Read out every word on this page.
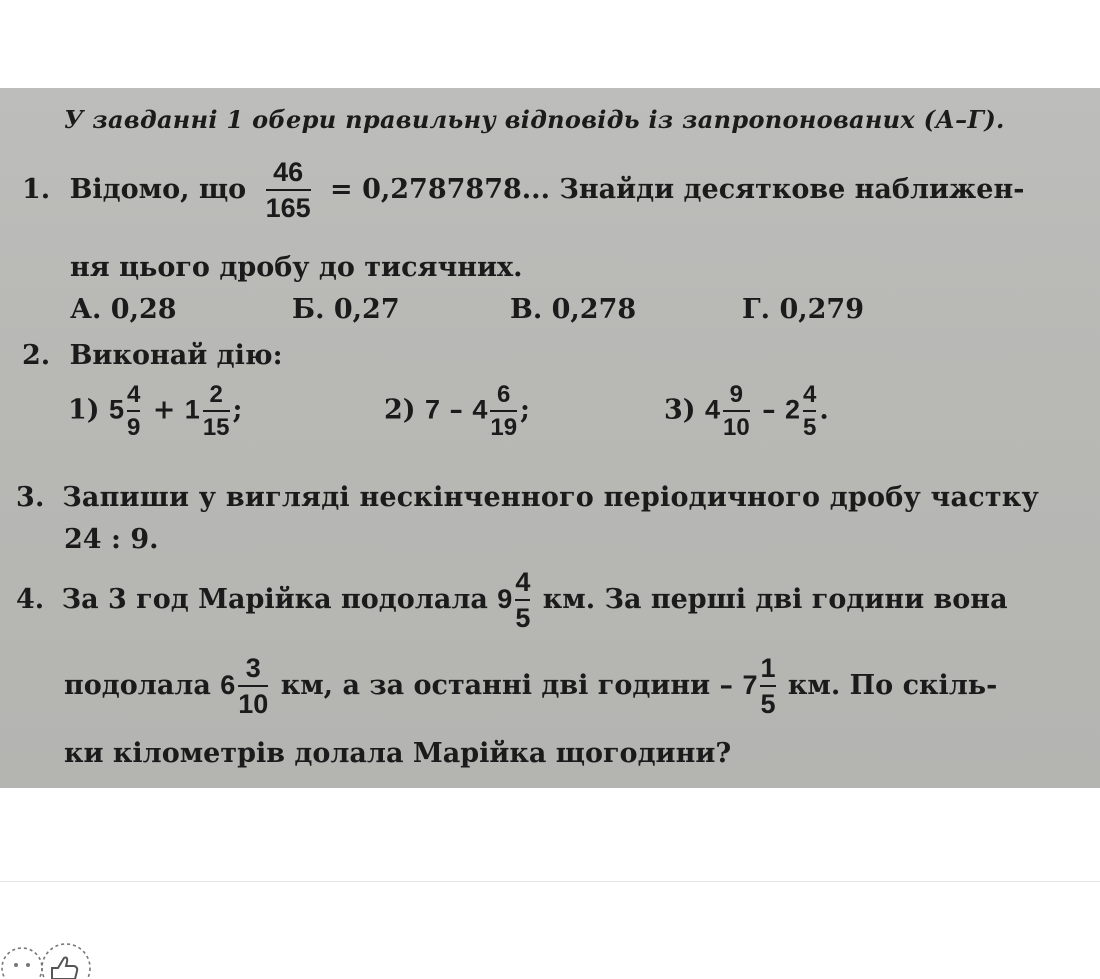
У завданні 1 обери правильну відповідь із запропонованих (А–Г).
1. Відомо, що $\frac{46}{165} = 0,2787878$... Знайди десяткове наближен-
ня цього дробу до тисячних.
А. 0,28	Б. 0,27	В. 0,278	Г. 0,279
2. Виконай дію:
1) $5 \frac{4}{9} + 1 \frac{2}{15}$ ;	2) $7 - 4 \frac{6}{19}$ ;	3) $4 \frac{9}{10} - 2 \frac{4}{5}$ .
3. Запиши у вигляді нескінченного періодичного дробу частку
24 : 9.
4. За 3 год Марійка подолала $9 \frac{4}{5}$ км. За перші дві години вона
подолала $6 \frac{3}{10}$ км, а за останні дві години – $7 \frac{1}{5}$ км. По скіль-
ки кілометрів долала Марійка щогодини?
